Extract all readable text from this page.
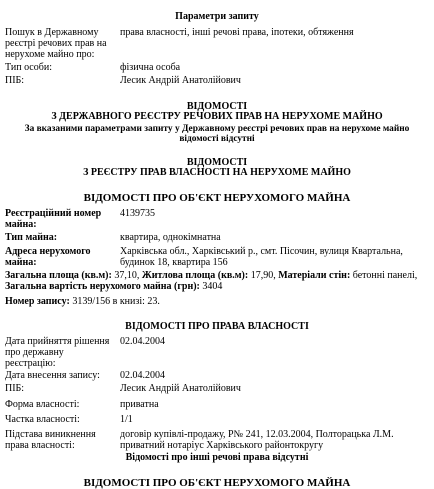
Параметри запиту
Пошук в Державному реєстрі речових прав на нерухоме майно про:
права власності, інші речові права, іпотеки, обтяження
Тип особи:	фізична особа
ПІБ:	Лесик Андрій Анатолійович
ВІДОМОСТІ
З ДЕРЖАВНОГО РЕЄСТРУ РЕЧОВИХ ПРАВ НА НЕРУХОМЕ МАЙНО
За вказаними параметрами запиту у Державному реєстрі речових прав на нерухоме майно відомості відсутні
ВІДОМОСТІ
З РЕЄСТРУ ПРАВ ВЛАСНОСТІ НА НЕРУХОМЕ МАЙНО
ВІДОМОСТІ ПРО ОБ'ЄКТ НЕРУХОМОГО МАЙНА
Реєстраційний номер майна:
4139735
Тип майна:	квартира, однокімнатна
Адреса нерухомого майна:
Харківська обл., Харківський р., смт. Пісочин, вулиця Квартальна, будинок 18, квартира 156
Загальна площа (кв.м): 37,10, Житлова площа (кв.м): 17,90, Матеріали стін: бетонні панелі, Загальна вартість нерухомого майна (грн): 3404
Номер запису: 3139/156 в книзі: 23.
ВІДОМОСТІ ПРО ПРАВА ВЛАСНОСТІ
Дата прийняття рішення про державну реєстрацію:
02.04.2004
Дата внесення запису:	02.04.2004
ПІБ:	Лесик Андрій Анатолійович
Форма власності:	приватна
Частка власності:	1/1
Підстава виникнення права власності:
договір купівлі-продажу, Р№ 241, 12.03.2004, Полторацька Л.М. приватний нотаріус Харківського районтокругу
Відомості про інші речові права відсутні
ВІДОМОСТІ ПРО ОБ'ЄКТ НЕРУХОМОГО МАЙНА
